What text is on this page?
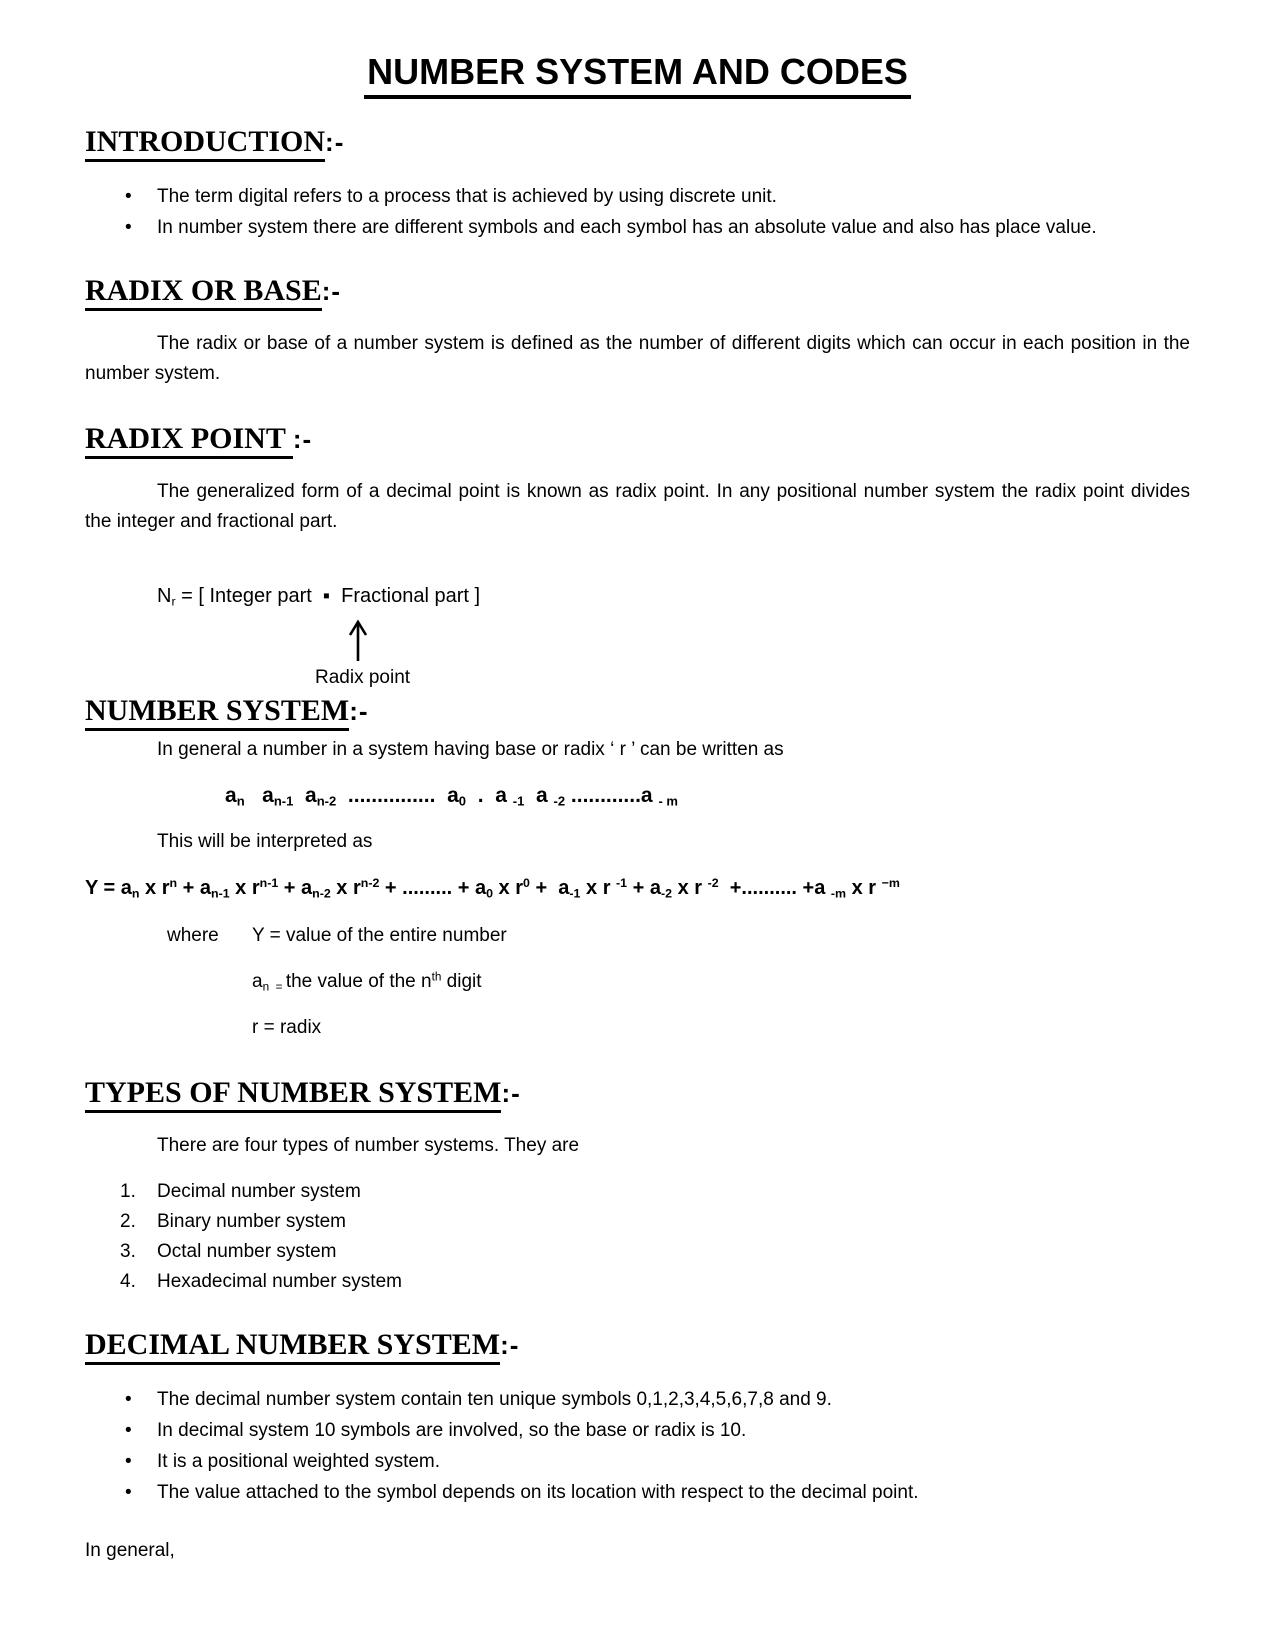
NUMBER SYSTEM AND CODES
INTRODUCTION:-
•	The term digital refers to a process that is achieved by using discrete unit.
•	In number system there are different symbols and each symbol has an absolute value and also has place value.
RADIX OR BASE:-

The radix or base of a number system is defined as the number of different digits which can occur in each position in the number system.

RADIX POINT :-

The generalized form of a decimal point is known as radix point. In any positional number system the radix point divides the integer and fractional part.

$N_r$ = [ Integer part  ▪  Fractional part ]
Radix point
NUMBER SYSTEM:-
In general a number in a system having base or radix ‘ r ’ can be written as
$a_n$   $a_{n-1}$  $a_{n-2}$  ...............  $a_0$  .  a $_{-1}$  a $_{-2}$ ............a $_{- m}$
This will be interpreted as
$Y = a_n$ x $r^n + a_{n-1}$ x $r^{n-1} + a_{n-2}$ x $r^{n-2}$ + ......... + $a_0$ x $r^0 + a_{-1}$ x r $^{-1} + a_{-2}$ x r $^{-2}$  +.......... +a $_{-m}$ x r $^{-m}$
where	Y = value of the entire number
$a_{n =}$ the value of the $n^{th}$ digit
r = radix
TYPES OF NUMBER SYSTEM:-
There are four types of number systems. They are
1.	Decimal number system
2.	Binary number system
3.	Octal number system
4.	Hexadecimal number system
DECIMAL NUMBER SYSTEM:-
•	The decimal number system contain ten unique symbols 0,1,2,3,4,5,6,7,8 and 9.
•	In decimal system 10 symbols are involved, so the base or radix is 10.
•	It is a positional weighted system.
•	The value attached to the symbol depends on its location with respect to the decimal point.
In general,
